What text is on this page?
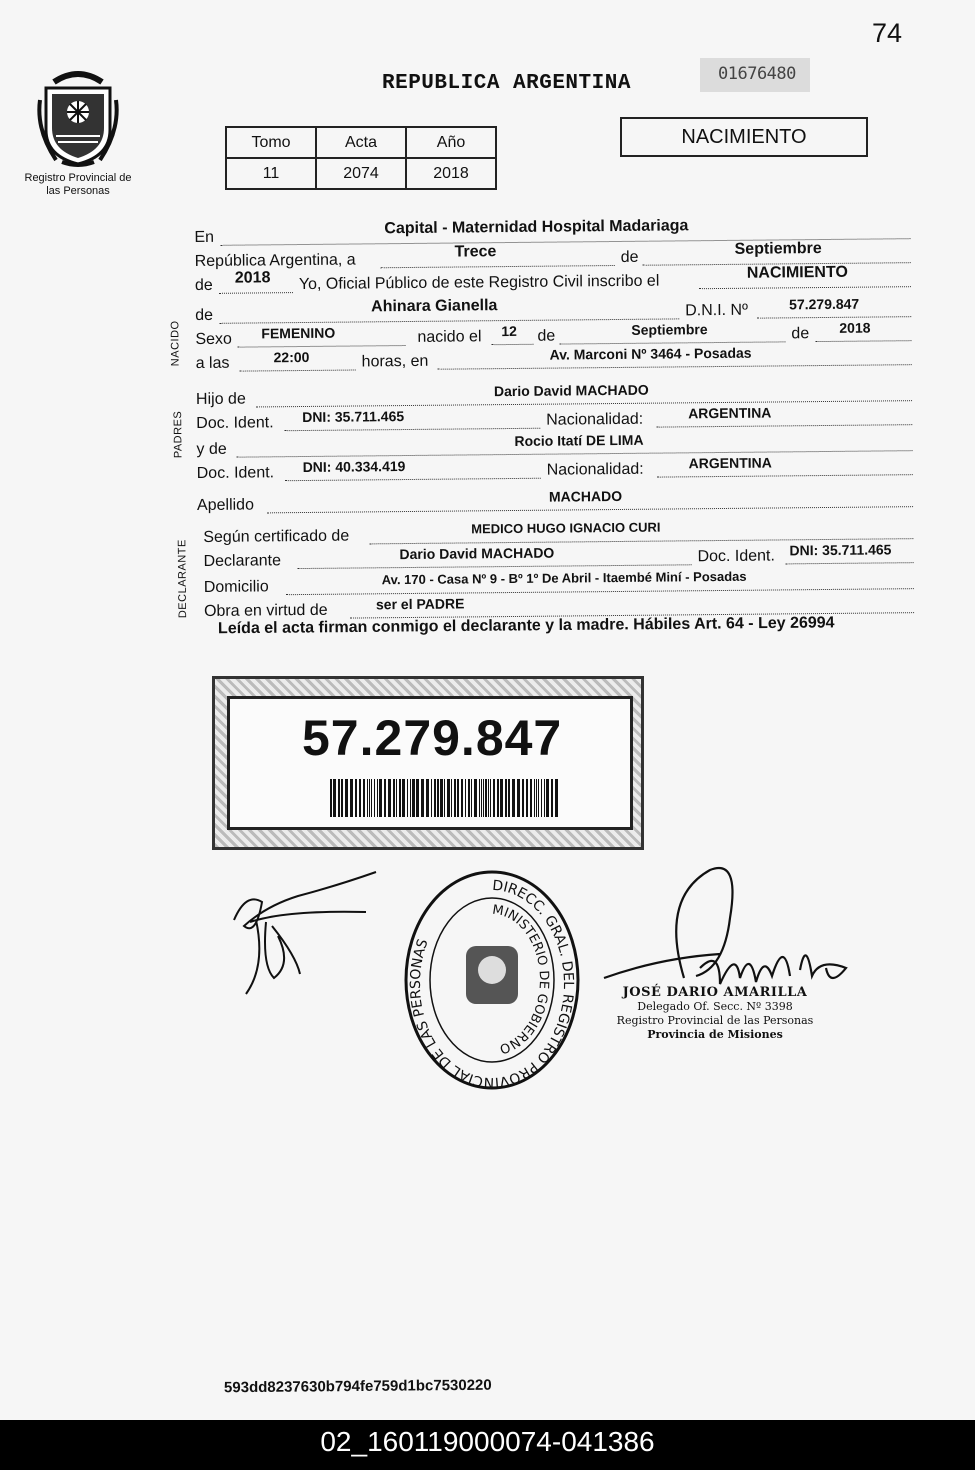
74
Registro Provincial de las Personas
REPUBLICA ARGENTINA	01676480
Tomo	Acta	Año
11	2074	2018
NACIMIENTO
NACIDO
PADRES
DECLARANTE
En
Capital - Maternidad Hospital Madariaga
República Argentina, a	Trece	de	Septiembre
de 2018 Yo, Oficial Público de este Registro Civil inscribo el	NACIMIENTO
de
Ahinara Gianella	D.N.I. Nº	57.279.847
Sexo FEMENINO	nacido el 12 de	Septiembre	de 2018
a las	22:00	horas, en	Av. Marconi Nº 3464 - Posadas
Hijo de
Dario David MACHADO
Doc. Ident. DNI: 35.711.465	Nacionalidad:	ARGENTINA
y de
Rocio Itatí DE LIMA
Doc. Ident. DNI: 40.334.419	Nacionalidad:	ARGENTINA
Apellido
MACHADO
Según certificado de	MEDICO HUGO IGNACIO CURI
Declarante	Dario David MACHADO	Doc. Ident. DNI: 35.711.465
Domicilio	Av. 170 - Casa Nº 9 - Bº 1º De Abril - Itaembé Miní - Posadas
Obra en virtud de	ser el PADRE
Leída el acta firman conmigo el declarante y la madre. Hábiles Art. 64 - Ley 26994
57.279.847
DIRECC. GRAL. DEL REGISTRO PROVINCIAL DE LAS PERSONAS
MINISTERIO DE GOBIERNO
JOSÉ DARIO AMARILLA
Delegado Of. Secc. Nº 3398
Registro Provincial de las Personas
Provincia de Misiones
593dd8237630b794fe759d1bc7530220
02_160119000074-041386
